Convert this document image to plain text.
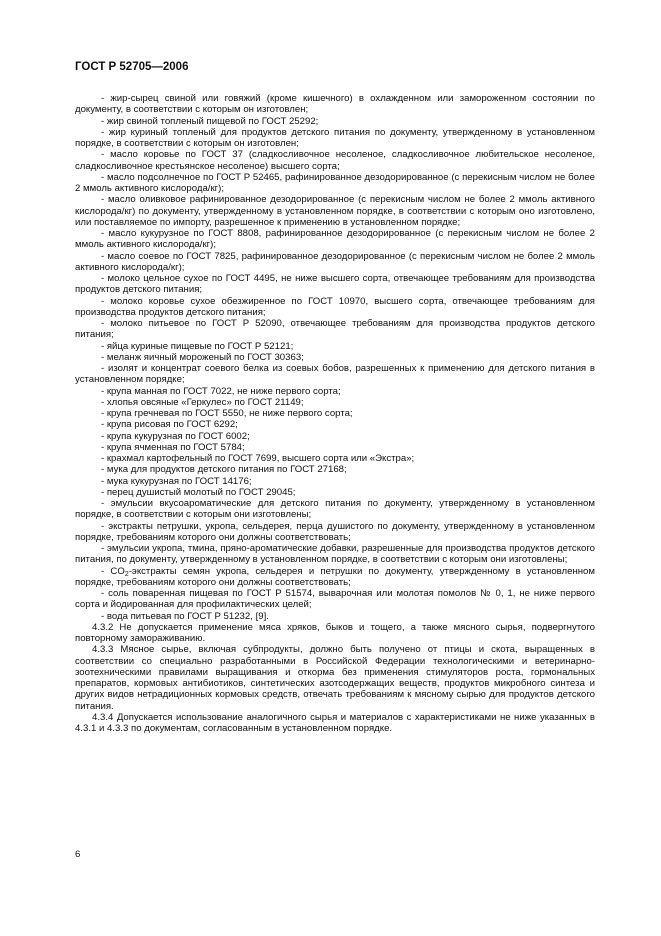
ГОСТ Р 52705—2006

- жир-сырец свиной или говяжий (кроме кишечного) в охлажденном или замороженном состоянии по документу, в соответствии с которым он изготовлен;

- жир свиной топленый пищевой по ГОСТ 25292;

- жир куриный топленый для продуктов детского питания по документу, утвержденному в установленном порядке, в соответствии с которым он изготовлен;

- масло коровье по ГОСТ 37 (сладкосливочное несоленое, сладкосливочное любительское несоленое, сладкосливочное крестьянское несоленое) высшего сорта;

- масло подсолнечное по ГОСТ Р 52465, рафинированное дезодорированное (с перекисным числом не более 2 ммоль активного кислорода/кг);

- масло оливковое рафинированное дезодорированное (с перекисным числом не более 2 ммоль активного кислорода/кг) по документу, утвержденному в установленном порядке, в соответствии с которым оно изготовлено, или поставляемое по импорту, разрешенное к применению в установленном порядке;

- масло кукурузное по ГОСТ 8808, рафинированное дезодорированное (с перекисным числом не более 2 ммоль активного кислорода/кг);

- масло соевое по ГОСТ 7825, рафинированное дезодорированное (с перекисным числом не более 2 ммоль активного кислорода/кг);

- молоко цельное сухое по ГОСТ 4495, не ниже высшего сорта, отвечающее требованиям для производства продуктов детского питания;

- молоко коровье сухое обезжиренное по ГОСТ 10970, высшего сорта, отвечающее требованиям для производства продуктов детского питания;

- молоко питьевое по ГОСТ Р 52090, отвечающее требованиям для производства продуктов детского питания;

- яйца куриные пищевые по ГОСТ Р 52121;

- меланж яичный мороженый по ГОСТ 30363;

- изолят и концентрат соевого белка из соевых бобов, разрешенных к применению для детского питания в установленном порядке;

- крупа манная по ГОСТ 7022, не ниже первого сорта;

- хлопья овсяные «Геркулес» по ГОСТ 21149;

- крупа гречневая по ГОСТ 5550, не ниже первого сорта;

- крупа рисовая по ГОСТ 6292;

- крупа кукурузная по ГОСТ 6002;

- крупа ячменная по ГОСТ 5784;

- крахмал картофельный по ГОСТ 7699, высшего сорта или «Экстра»;

- мука для продуктов детского питания по ГОСТ 27168;

- мука кукурузная по ГОСТ 14176;

- перец душистый молотый по ГОСТ 29045;

- эмульсии вкусоароматические для детского питания по документу, утвержденному в установленном порядке, в соответствии с которым они изготовлены;

- экстракты петрушки, укропа, сельдерея, перца душистого по документу, утвержденному в установленном порядке, требованиям которого они должны соответствовать;

- эмульсии укропа, тмина, пряно-ароматические добавки, разрешенные для производства продуктов детского питания, по документу, утвержденному в установленном порядке, в соответствии с которым они изготовлены;

- $CO_2$-экстракты семян укропа, сельдерея и петрушки по документу, утвержденному в установленном порядке, требованиям которого они должны соответствовать;

- соль поваренная пищевая по ГОСТ Р 51574, выварочная или молотая помолов № 0, 1, не ниже первого сорта и йодированная для профилактических целей;

- вода питьевая по ГОСТ Р 51232, [9].

4.3.2 Не допускается применение мяса хряков, быков и тощего, а также мясного сырья, подвергнутого повторному замораживанию.

4.3.3 Мясное сырье, включая субпродукты, должно быть получено от птицы и скота, выращенных в соответствии со специально разработанными в Российской Федерации технологическими и ветеринарно-зоотехническими правилами выращивания и откорма без применения стимуляторов роста, гормональных препаратов, кормовых антибиотиков, синтетических азотсодержащих веществ, продуктов микробного синтеза и других видов нетрадиционных кормовых средств, отвечать требованиям к мясному сырью для продуктов детского питания.

4.3.4 Допускается использование аналогичного сырья и материалов с характеристиками не ниже указанных в 4.3.1 и 4.3.3 по документам, согласованным в установленном порядке.

6
